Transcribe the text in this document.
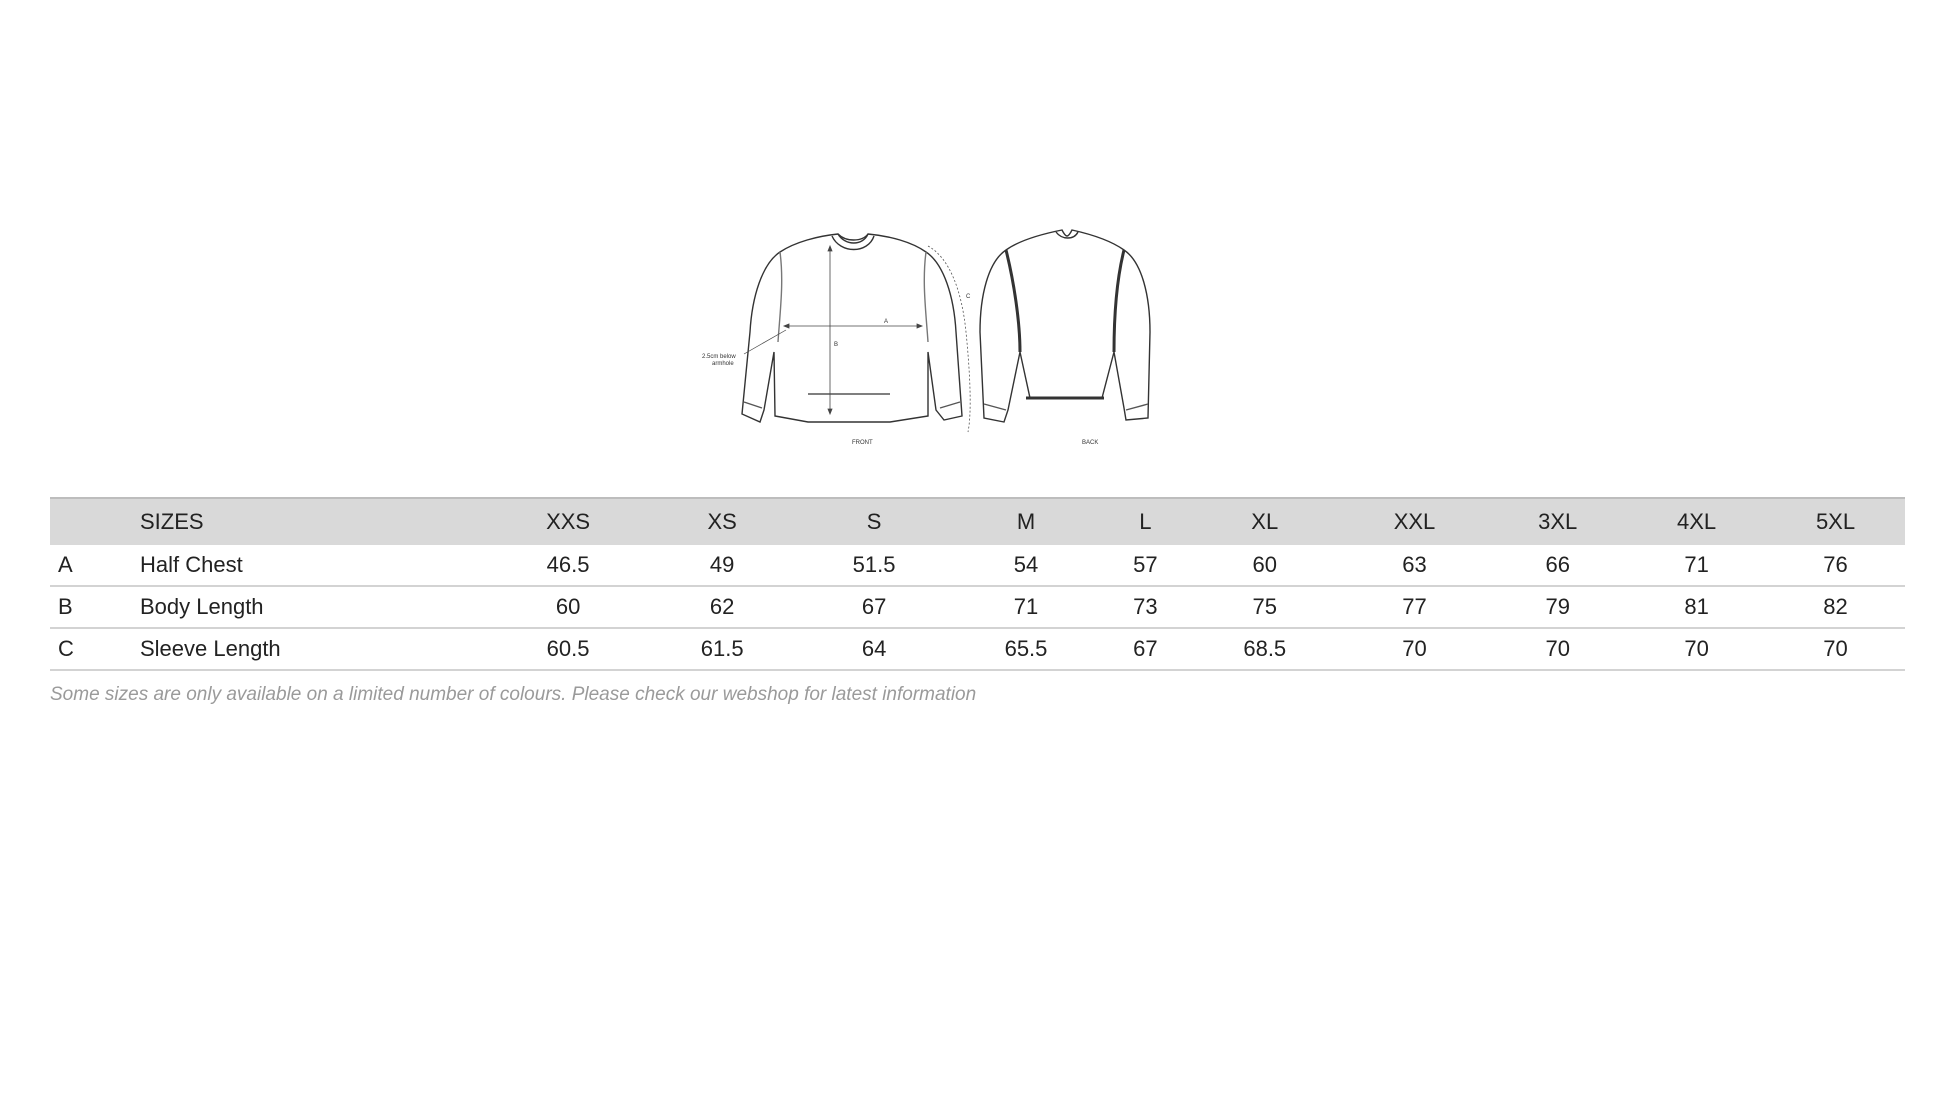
A
B
C
2.5cm below
armhole
FRONT	BACK
	SIZES	XXS	XS	S	M	L	XL	XXL	3XL	4XL	5XL
A	Half Chest	46.5	49	51.5	54	57	60	63	66	71	76
B	Body Length	60	62	67	71	73	75	77	79	81	82
C	Sleeve Length	60.5	61.5	64	65.5	67	68.5	70	70	70	70

Some sizes are only available on a limited number of colours. Please check our webshop for latest information
